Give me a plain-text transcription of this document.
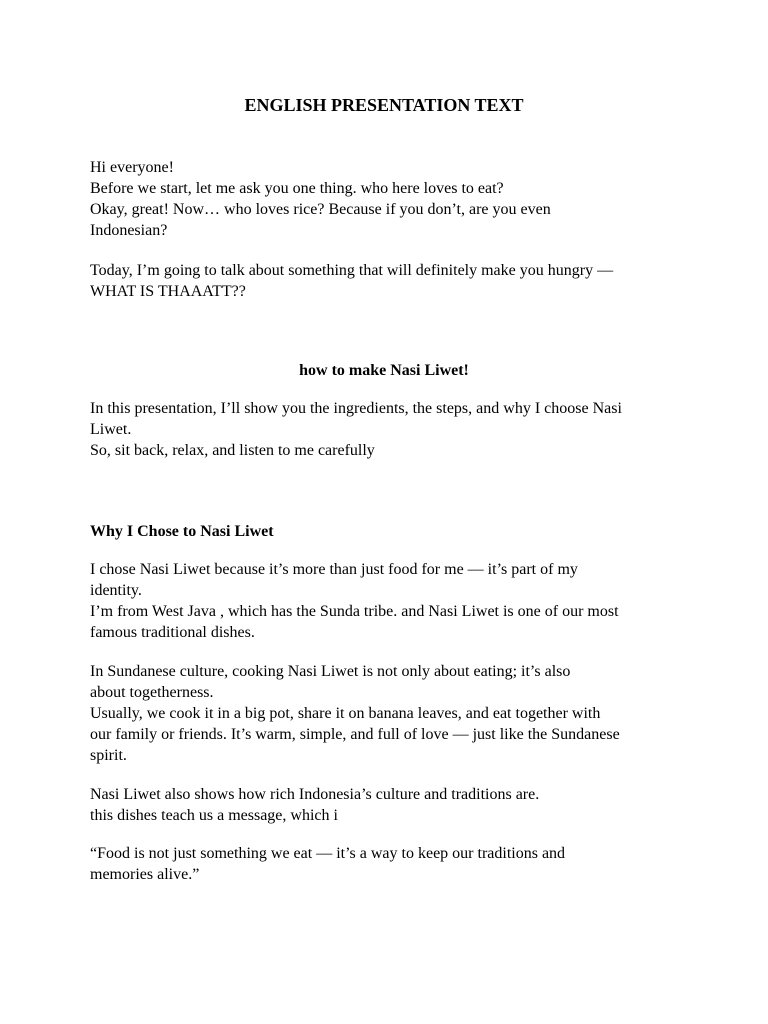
ENGLISH PRESENTATION TEXT
Hi everyone!
Before we start, let me ask you one thing. who here loves to eat?
Okay, great! Now… who loves rice? Because if you don’t, are you even
Indonesian?
Today, I’m going to talk about something that will definitely make you hungry —
WHAT IS THAAATT??
how to make Nasi Liwet!
In this presentation, I’ll show you the ingredients, the steps, and why I choose Nasi
Liwet.
So, sit back, relax, and listen to me carefully
Why I Chose to Nasi Liwet
I chose Nasi Liwet because it’s more than just food for me — it’s part of my
identity.
I’m from West Java , which has the Sunda tribe. and Nasi Liwet is one of our most
famous traditional dishes.
In Sundanese culture, cooking Nasi Liwet is not only about eating; it’s also
about togetherness.
Usually, we cook it in a big pot, share it on banana leaves, and eat together with
our family or friends. It’s warm, simple, and full of love — just like the Sundanese
spirit.
Nasi Liwet also shows how rich Indonesia’s culture and traditions are.
this dishes teach us a message, which i
“Food is not just something we eat — it’s a way to keep our traditions and
memories alive.”
